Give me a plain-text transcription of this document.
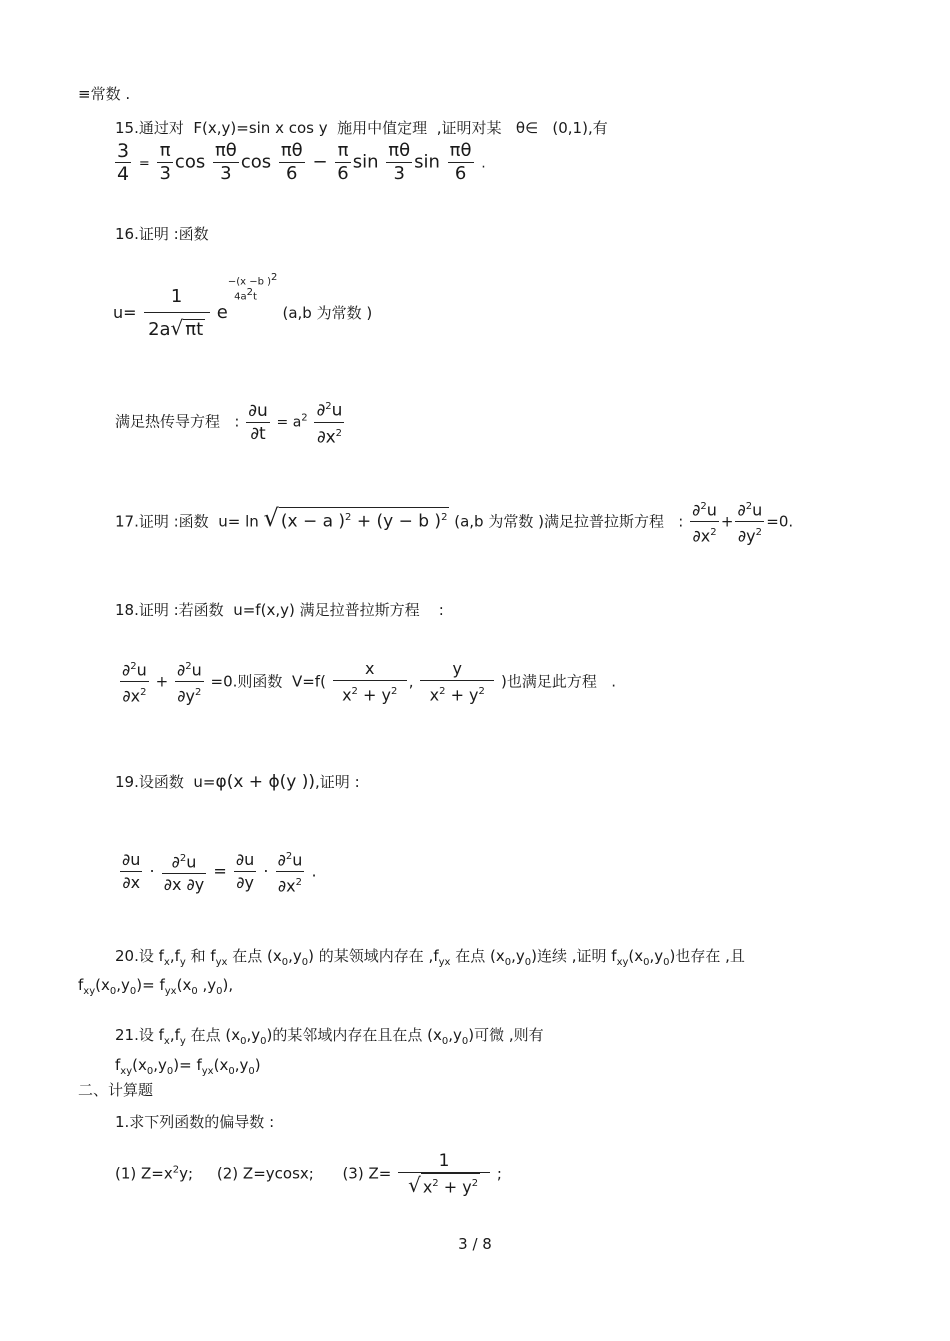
≡常数 .
15.通过对 F(x,y)=sin x cos y 施用中值定理 ,证明对某 θ∈ (0,1),有
$\frac{3}{4} = \frac{\pi}{3}$ $\cos \frac{\pi\theta}{3}$ $\cos \frac{\pi\theta}{6} - \frac{\pi}{6}$ $\sin \frac{\pi\theta}{3}$ $\sin \frac{\pi\theta}{6}$ .
16.证明 :函数
$u= \frac{1}{2a√ \pi t} e-(x -b$ )$^2$
$4a^2t$ (a,b 为常数 )
满足热传导方程 : $\frac{\partial u}{\partial t} = a^2 \frac{\partial^2u}{\partial x^2}$
17.证明 :函数 u= ln √ (x − a )$^2$ + (y − b )$^2$ (a,b 为常数 )满足拉普拉斯方程 : $\frac{\partial^2u}{\partial x^2} + \frac{\partial^2u}{\partial y^2} =0$.
18.证明 :若函数 u=f(x,y) 满足拉普拉斯方程 :
$\frac{\partial^2u}{\partial x^2} + \frac{\partial^2u}{\partial y^2} =0$.则函数 $V=f( \frac{x}{x^2 + y^2}$ , $\frac{y}{x^2 + y^2}$ )也满足此方程 .
19.设函数 u=φ(x + ϕ(y )),证明 :
$\frac{\partial u}{\partial x} \cdot \frac{\partial^2u}{\partial x \partial y} = \frac{\partial u}{\partial y} \cdot \frac{\partial^2u}{\partial x^2}$ .
20.设 $f_x,f_y$ 和 $f_{yx}$ 在点 $(x_0,y_0)$ 的某领域内存在 $,f_{yx}$ 在点 $(x_0,y_0)$连续 ,证明 $f_{xy}(x_0,y_0)$也存在 ,且
$f_{xy}(x_0,y_0)= f_{yx}(x_0$ $,y_0$),
21.设 $f_x,f_y$ 在点 $(x_0,y_0)$的某邻域内存在且在点 $(x_0,y_0)$可微 ,则有
$f_{xy}(x_0,y_0)= f_{yx}(x_0,y_0)$
二、计算题
1.求下列函数的偏导数 :
(1) $Z=x^2y$; (2) Z=ycosx; (3) $Z= \frac{1}{√ x^2 + y^2}$ ;
3 / 8
